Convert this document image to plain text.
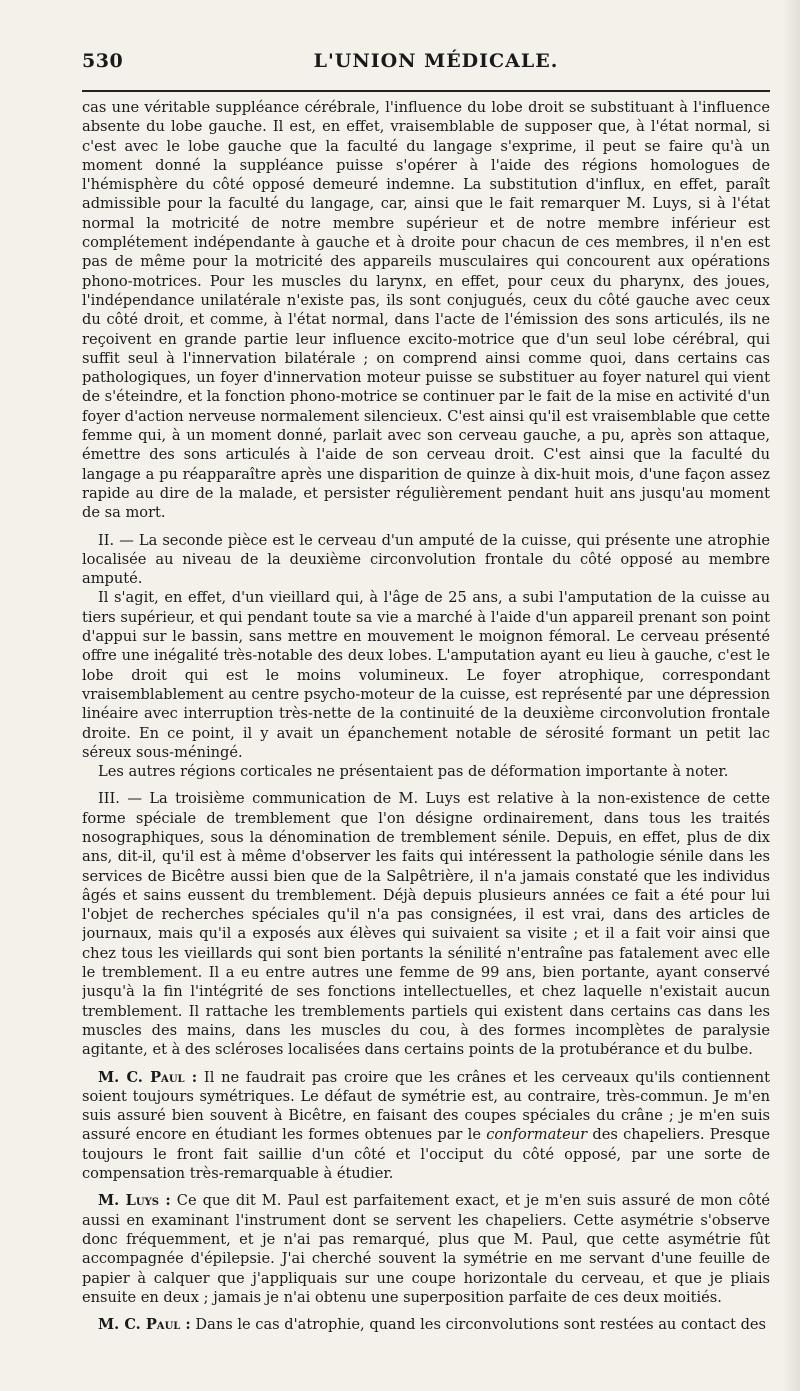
530	L'UNION MÉDICALE.

cas une véritable suppléance cérébrale, l'influence du lobe droit se substituant à l'influence absente du lobe gauche. Il est, en effet, vraisemblable de supposer que, à l'état normal, si c'est avec le lobe gauche que la faculté du langage s'exprime, il peut se faire qu'à un moment donné la suppléance puisse s'opérer à l'aide des régions homologues de l'hémisphère du côté opposé demeuré indemne. La substitution d'influx, en effet, paraît admissible pour la faculté du langage, car, ainsi que le fait remarquer M. Luys, si à l'état normal la motricité de notre membre supérieur et de notre membre inférieur est complétement indépendante à gauche et à droite pour chacun de ces membres, il n'en est pas de même pour la motricité des appareils musculaires qui concourent aux opérations phono-motrices. Pour les muscles du larynx, en effet, pour ceux du pharynx, des joues, l'indépendance unilatérale n'existe pas, ils sont conjugués, ceux du côté gauche avec ceux du côté droit, et comme, à l'état normal, dans l'acte de l'émission des sons articulés, ils ne reçoivent en grande partie leur influence excito-motrice que d'un seul lobe cérébral, qui suffit seul à l'innervation bilatérale ; on comprend ainsi comme quoi, dans certains cas pathologiques, un foyer d'innervation moteur puisse se substituer au foyer naturel qui vient de s'éteindre, et la fonction phono-motrice se continuer par le fait de la mise en activité d'un foyer d'action nerveuse normalement silencieux. C'est ainsi qu'il est vraisemblable que cette femme qui, à un moment donné, parlait avec son cerveau gauche, a pu, après son attaque, émettre des sons articulés à l'aide de son cerveau droit. C'est ainsi que la faculté du langage a pu réapparaître après une disparition de quinze à dix-huit mois, d'une façon assez rapide au dire de la malade, et persister régulièrement pendant huit ans jusqu'au moment de sa mort.

II. — La seconde pièce est le cerveau d'un amputé de la cuisse, qui présente une atrophie localisée au niveau de la deuxième circonvolution frontale du côté opposé au membre amputé.

Il s'agit, en effet, d'un vieillard qui, à l'âge de 25 ans, a subi l'amputation de la cuisse au tiers supérieur, et qui pendant toute sa vie a marché à l'aide d'un appareil prenant son point d'appui sur le bassin, sans mettre en mouvement le moignon fémoral. Le cerveau présenté offre une inégalité très-notable des deux lobes. L'amputation ayant eu lieu à gauche, c'est le lobe droit qui est le moins volumineux. Le foyer atrophique, correspondant vraisemblablement au centre psycho-moteur de la cuisse, est représenté par une dépression linéaire avec interruption très-nette de la continuité de la deuxième circonvolution frontale droite. En ce point, il y avait un épanchement notable de sérosité formant un petit lac séreux sous-méningé.

Les autres régions corticales ne présentaient pas de déformation importante à noter.

III. — La troisième communication de M. Luys est relative à la non-existence de cette forme spéciale de tremblement que l'on désigne ordinairement, dans tous les traités nosographiques, sous la dénomination de tremblement sénile. Depuis, en effet, plus de dix ans, dit-il, qu'il est à même d'observer les faits qui intéressent la pathologie sénile dans les services de Bicêtre aussi bien que de la Salpêtrière, il n'a jamais constaté que les individus âgés et sains eussent du tremblement. Déjà depuis plusieurs années ce fait a été pour lui l'objet de recherches spéciales qu'il n'a pas consignées, il est vrai, dans des articles de journaux, mais qu'il a exposés aux élèves qui suivaient sa visite ; et il a fait voir ainsi que chez tous les vieillards qui sont bien portants la sénilité n'entraîne pas fatalement avec elle le tremblement. Il a eu entre autres une femme de 99 ans, bien portante, ayant conservé jusqu'à la fin l'intégrité de ses fonctions intellectuelles, et chez laquelle n'existait aucun tremblement. Il rattache les tremblements partiels qui existent dans certains cas dans les muscles des mains, dans les muscles du cou, à des formes incomplètes de paralysie agitante, et à des scléroses localisées dans certains points de la protubérance et du bulbe.

M. C. Paul : Il ne faudrait pas croire que les crânes et les cerveaux qu'ils contiennent soient toujours symétriques. Le défaut de symétrie est, au contraire, très-commun. Je m'en suis assuré bien souvent à Bicêtre, en faisant des coupes spéciales du crâne ; je m'en suis assuré encore en étudiant les formes obtenues par le conformateur des chapeliers. Presque toujours le front fait saillie d'un côté et l'occiput du côté opposé, par une sorte de compensation très-remarquable à étudier.

M. Luys : Ce que dit M. Paul est parfaitement exact, et je m'en suis assuré de mon côté aussi en examinant l'instrument dont se servent les chapeliers. Cette asymétrie s'observe donc fréquemment, et je n'ai pas remarqué, plus que M. Paul, que cette asymétrie fût accompagnée d'épilepsie. J'ai cherché souvent la symétrie en me servant d'une feuille de papier à calquer que j'appliquais sur une coupe horizontale du cerveau, et que je pliais ensuite en deux ; jamais je n'ai obtenu une superposition parfaite de ces deux moitiés.

M. C. Paul : Dans le cas d'atrophie, quand les circonvolutions sont restées au contact des
